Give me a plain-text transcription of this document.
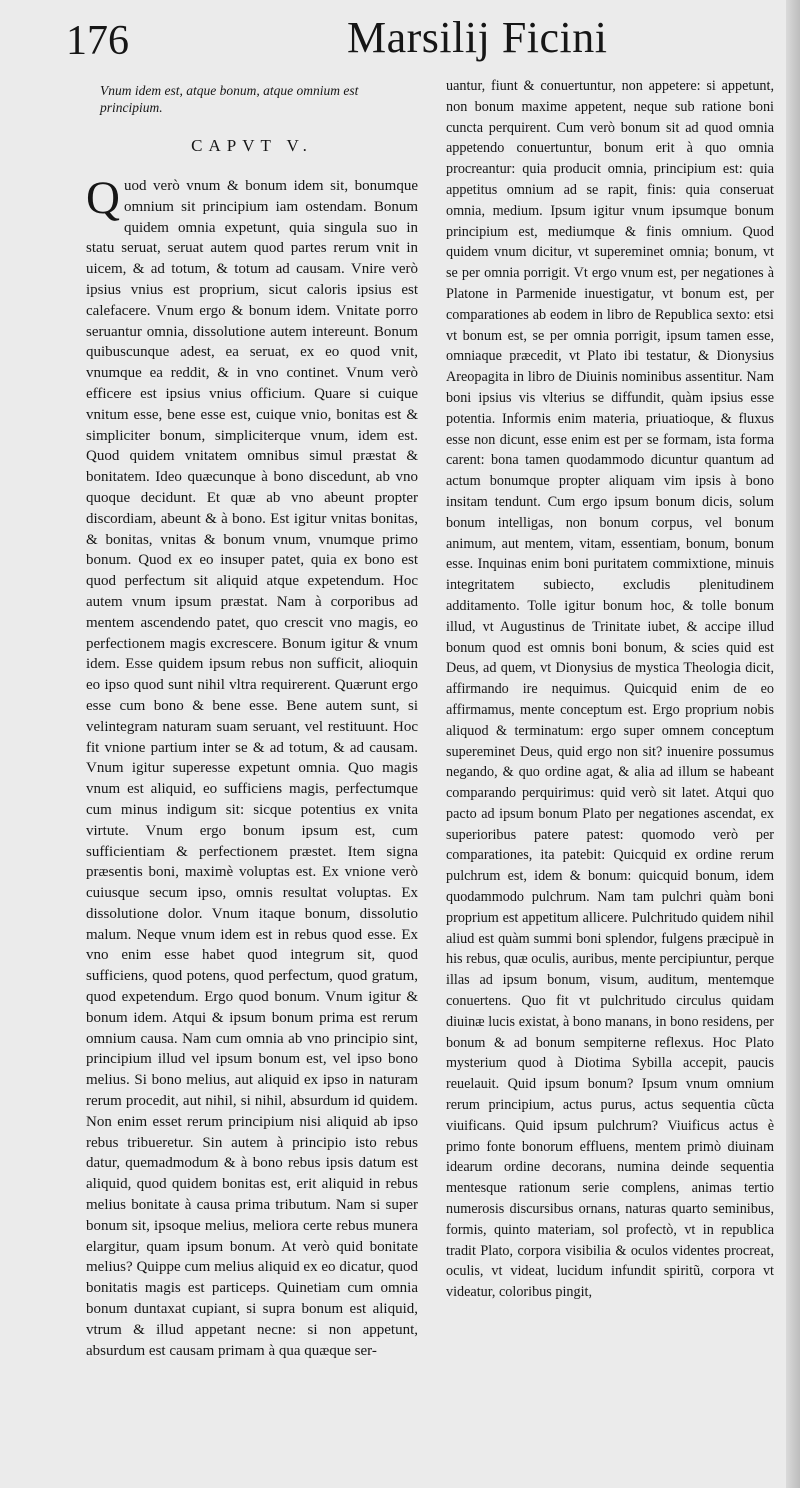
176	Marsilij Ficini
Vnum idem est, atque bonum, atque omnium est principium.
CAPVT V.

Quod verò vnum & bonum idem sit, bonumque omnium sit principium iam ostendam. Bonum quidem omnia expetunt, quia singula suo in statu seruat, seruat autem quod partes rerum vnit in uicem, & ad totum, & totum ad causam. Vnire verò ipsius vnius est proprium, sicut caloris ipsius est calefacere. Vnum ergo & bonum idem. Vnitate porro seruantur omnia, dissolutione autem intereunt. Bonum quibuscunque adest, ea seruat, ex eo quod vnit, vnumque ea reddit, & in vno continet. Vnum verò efficere est ipsius vnius officium. Quare si cuique vnitum esse, bene esse est, cuique vnio, bonitas est & simpliciter bonum, simpliciterque vnum, idem est. Quod quidem vnitatem omnibus simul præstat & bonitatem. Ideo quæcunque à bono discedunt, ab vno quoque decidunt. Et quæ ab vno abeunt propter discordiam, abeunt & à bono. Est igitur vnitas bonitas, & bonitas, vnitas & bonum vnum, vnumque primo bonum. Quod ex eo insuper patet, quia ex bono est quod perfectum sit aliquid atque expetendum. Hoc autem vnum ipsum præstat. Nam à corporibus ad mentem ascendendo patet, quo crescit vno magis, eo perfectionem magis excrescere. Bonum igitur & vnum idem. Esse quidem ipsum rebus non sufficit, alioquin eo ipso quod sunt nihil vltra requirerent. Quærunt ergo esse cum bono & bene esse. Bene autem sunt, si velintegram naturam suam seruant, vel restituunt. Hoc fit vnione partium inter se & ad totum, & ad causam. Vnum igitur superesse expetunt omnia. Quo magis vnum est aliquid, eo sufficiens magis, perfectumque cum minus indigum sit: sicque potentius ex vnita virtute. Vnum ergo bonum ipsum est, cum sufficientiam & perfectionem præstet. Item signa præsentis boni, maximè voluptas est. Ex vnione verò cuiusque secum ipso, omnis resultat voluptas. Ex dissolutione dolor. Vnum itaque bonum, dissolutio malum. Neque vnum idem est in rebus quod esse. Ex vno enim esse habet quod integrum sit, quod sufficiens, quod potens, quod perfectum, quod gratum, quod expetendum. Ergo quod bonum. Vnum igitur & bonum idem. Atqui & ipsum bonum prima est rerum omnium causa. Nam cum omnia ab vno principio sint, principium illud vel ipsum bonum est, vel ipso bono melius. Si bono melius, aut aliquid ex ipso in naturam rerum procedit, aut nihil, si nihil, absurdum id quidem. Non enim esset rerum principium nisi aliquid ab ipso rebus tribueretur. Sin autem à principio isto rebus datur, quemadmodum & à bono rebus ipsis datum est aliquid, quod quidem bonitas est, erit aliquid in rebus melius bonitate à causa prima tributum. Nam si super bonum sit, ipsoque melius, meliora certe rebus munera elargitur, quam ipsum bonum. At verò quid bonitate melius? Quippe cum melius aliquid ex eo dicatur, quod bonitatis magis est particeps. Quinetiam cum omnia bonum duntaxat cupiant, si supra bonum est aliquid, vtrum & illud appetant necne: si non appetunt, absurdum est causam primam à qua quæque ser-

uantur, fiunt & conuertuntur, non appetere: si appetunt, non bonum maxime appetent, neque sub ratione boni cuncta perquirent. Cum verò bonum sit ad quod omnia appetendo conuertuntur, bonum erit à quo omnia procreantur: quia producit omnia, principium est: quia appetitus omnium ad se rapit, finis: quia conseruat omnia, medium. Ipsum igitur vnum ipsumque bonum principium est, mediumque & finis omnium. Quod quidem vnum dicitur, vt supereminet omnia; bonum, vt se per omnia porrigit. Vt ergo vnum est, per negationes à Platone in Parmenide inuestigatur, vt bonum est, per comparationes ab eodem in libro de Republica sexto: etsi vt bonum est, se per omnia porrigit, ipsum tamen esse, omniaque præcedit, vt Plato ibi testatur, & Dionysius Areopagita in libro de Diuinis nominibus assentitur. Nam boni ipsius vis vlterius se diffundit, quàm ipsius esse potentia. Informis enim materia, priuatioque, & fluxus esse non dicunt, esse enim est per se formam, ista forma carent: bona tamen quodammodo dicuntur quantum ad actum bonumque propter aliquam vim ipsis à bono insitam tendunt. Cum ergo ipsum bonum dicis, solum bonum intelligas, non bonum corpus, vel bonum animum, aut mentem, vitam, essentiam, bonum, bonum esse. Inquinas enim boni puritatem commixtione, minuis integritatem subiecto, excludis plenitudinem additamento. Tolle igitur bonum hoc, & tolle bonum illud, vt Augustinus de Trinitate iubet, & accipe illud bonum quod est omnis boni bonum, & scies quid est Deus, ad quem, vt Dionysius de mystica Theologia dicit, affirmando ire nequimus. Quicquid enim de eo affirmamus, mente conceptum est. Ergo proprium nobis aliquod & terminatum: ergo super omnem conceptum supereminet Deus, quid ergo non sit? inuenire possumus negando, & quo ordine agat, & alia ad illum se habeant comparando perquirimus: quid verò sit latet. Atqui quo pacto ad ipsum bonum Plato per negationes ascendat, ex superioribus patere patest: quomodo verò per comparationes, ita patebit: Quicquid ex ordine rerum pulchrum est, idem & bonum: quicquid bonum, idem quodammodo pulchrum. Nam tam pulchri quàm boni proprium est appetitum allicere. Pulchritudo quidem nihil aliud est quàm summi boni splendor, fulgens præcipuè in his rebus, quæ oculis, auribus, mente percipiuntur, perque illas ad ipsum bonum, visum, auditum, mentemque conuertens. Quo fit vt pulchritudo circulus quidam diuinæ lucis existat, à bono manans, in bono residens, per bonum & ad bonum sempiterne reflexus. Hoc Plato mysterium quod à Diotima Sybilla accepit, paucis reuelauit. Quid ipsum bonum? Ipsum vnum omnium rerum principium, actus purus, actus sequentia cũcta viuificans. Quid ipsum pulchrum? Viuificus actus è primo fonte bonorum effluens, mentem primò diuinam idearum ordine decorans, numina deinde sequentia mentesque rationum serie complens, animas tertio numerosis discursibus ornans, naturas quarto seminibus, formis, quinto materiam, sol profectò, vt in republica tradit Plato, corpora visibilia & oculos videntes procreat, oculis, vt videat, lucidum infundit spiritũ, corpora vt videatur, coloribus pingit,
